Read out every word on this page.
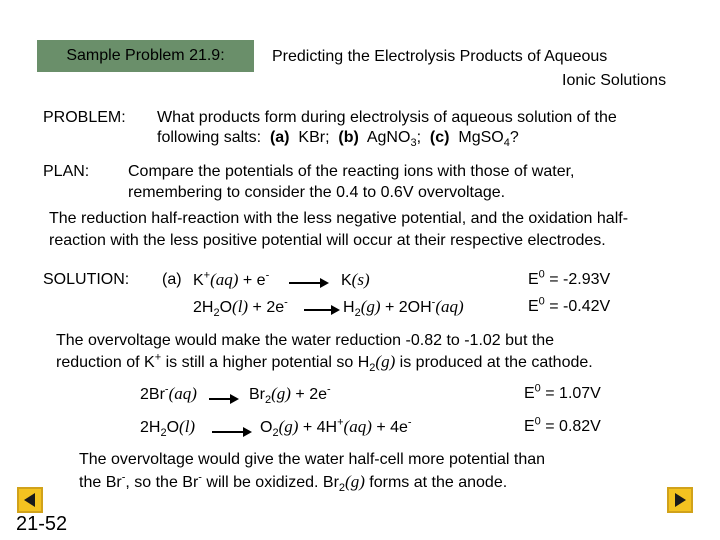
Sample Problem 21.9:	Predicting the Electrolysis Products of Aqueous
Ionic Solutions
PROBLEM: What products form during electrolysis of aqueous solution of the
following salts: (a) KBr; (b) AgNO$_3$; (c) MgSO$_4$?
PLAN: Compare the potentials of the reacting ions with those of water,
remembering to consider the 0.4 to 0.6V overvoltage.
The reduction half-reaction with the less negative potential, and the oxidation half-
reaction with the less positive potential will occur at their respective electrodes.
SOLUTION: (a) K+(aq) + e-	K(s)	$E^0 = -2.93V$
$2H_2O(l) + 2e^-$	$H_2(g) + 2OH^-(aq)$	$E^0 = -0.42V$
The overvoltage would make the water reduction -0.82 to -1.02 but the
reduction of K+ is still a higher potential so $H_2(g)$ is produced at the cathode.
2Br-(aq)	$Br_2(g) + 2e^-$	$E^0 = 1.07V$
$2H_2O(l)$	$O_2(g) + 4H^+(aq) + 4e^-$	$E^0 = 0.82V$
The overvoltage would give the water half-cell more potential than
the Br-, so the Br- will be oxidized. $Br_2(g)$ forms at the anode.
21-52
